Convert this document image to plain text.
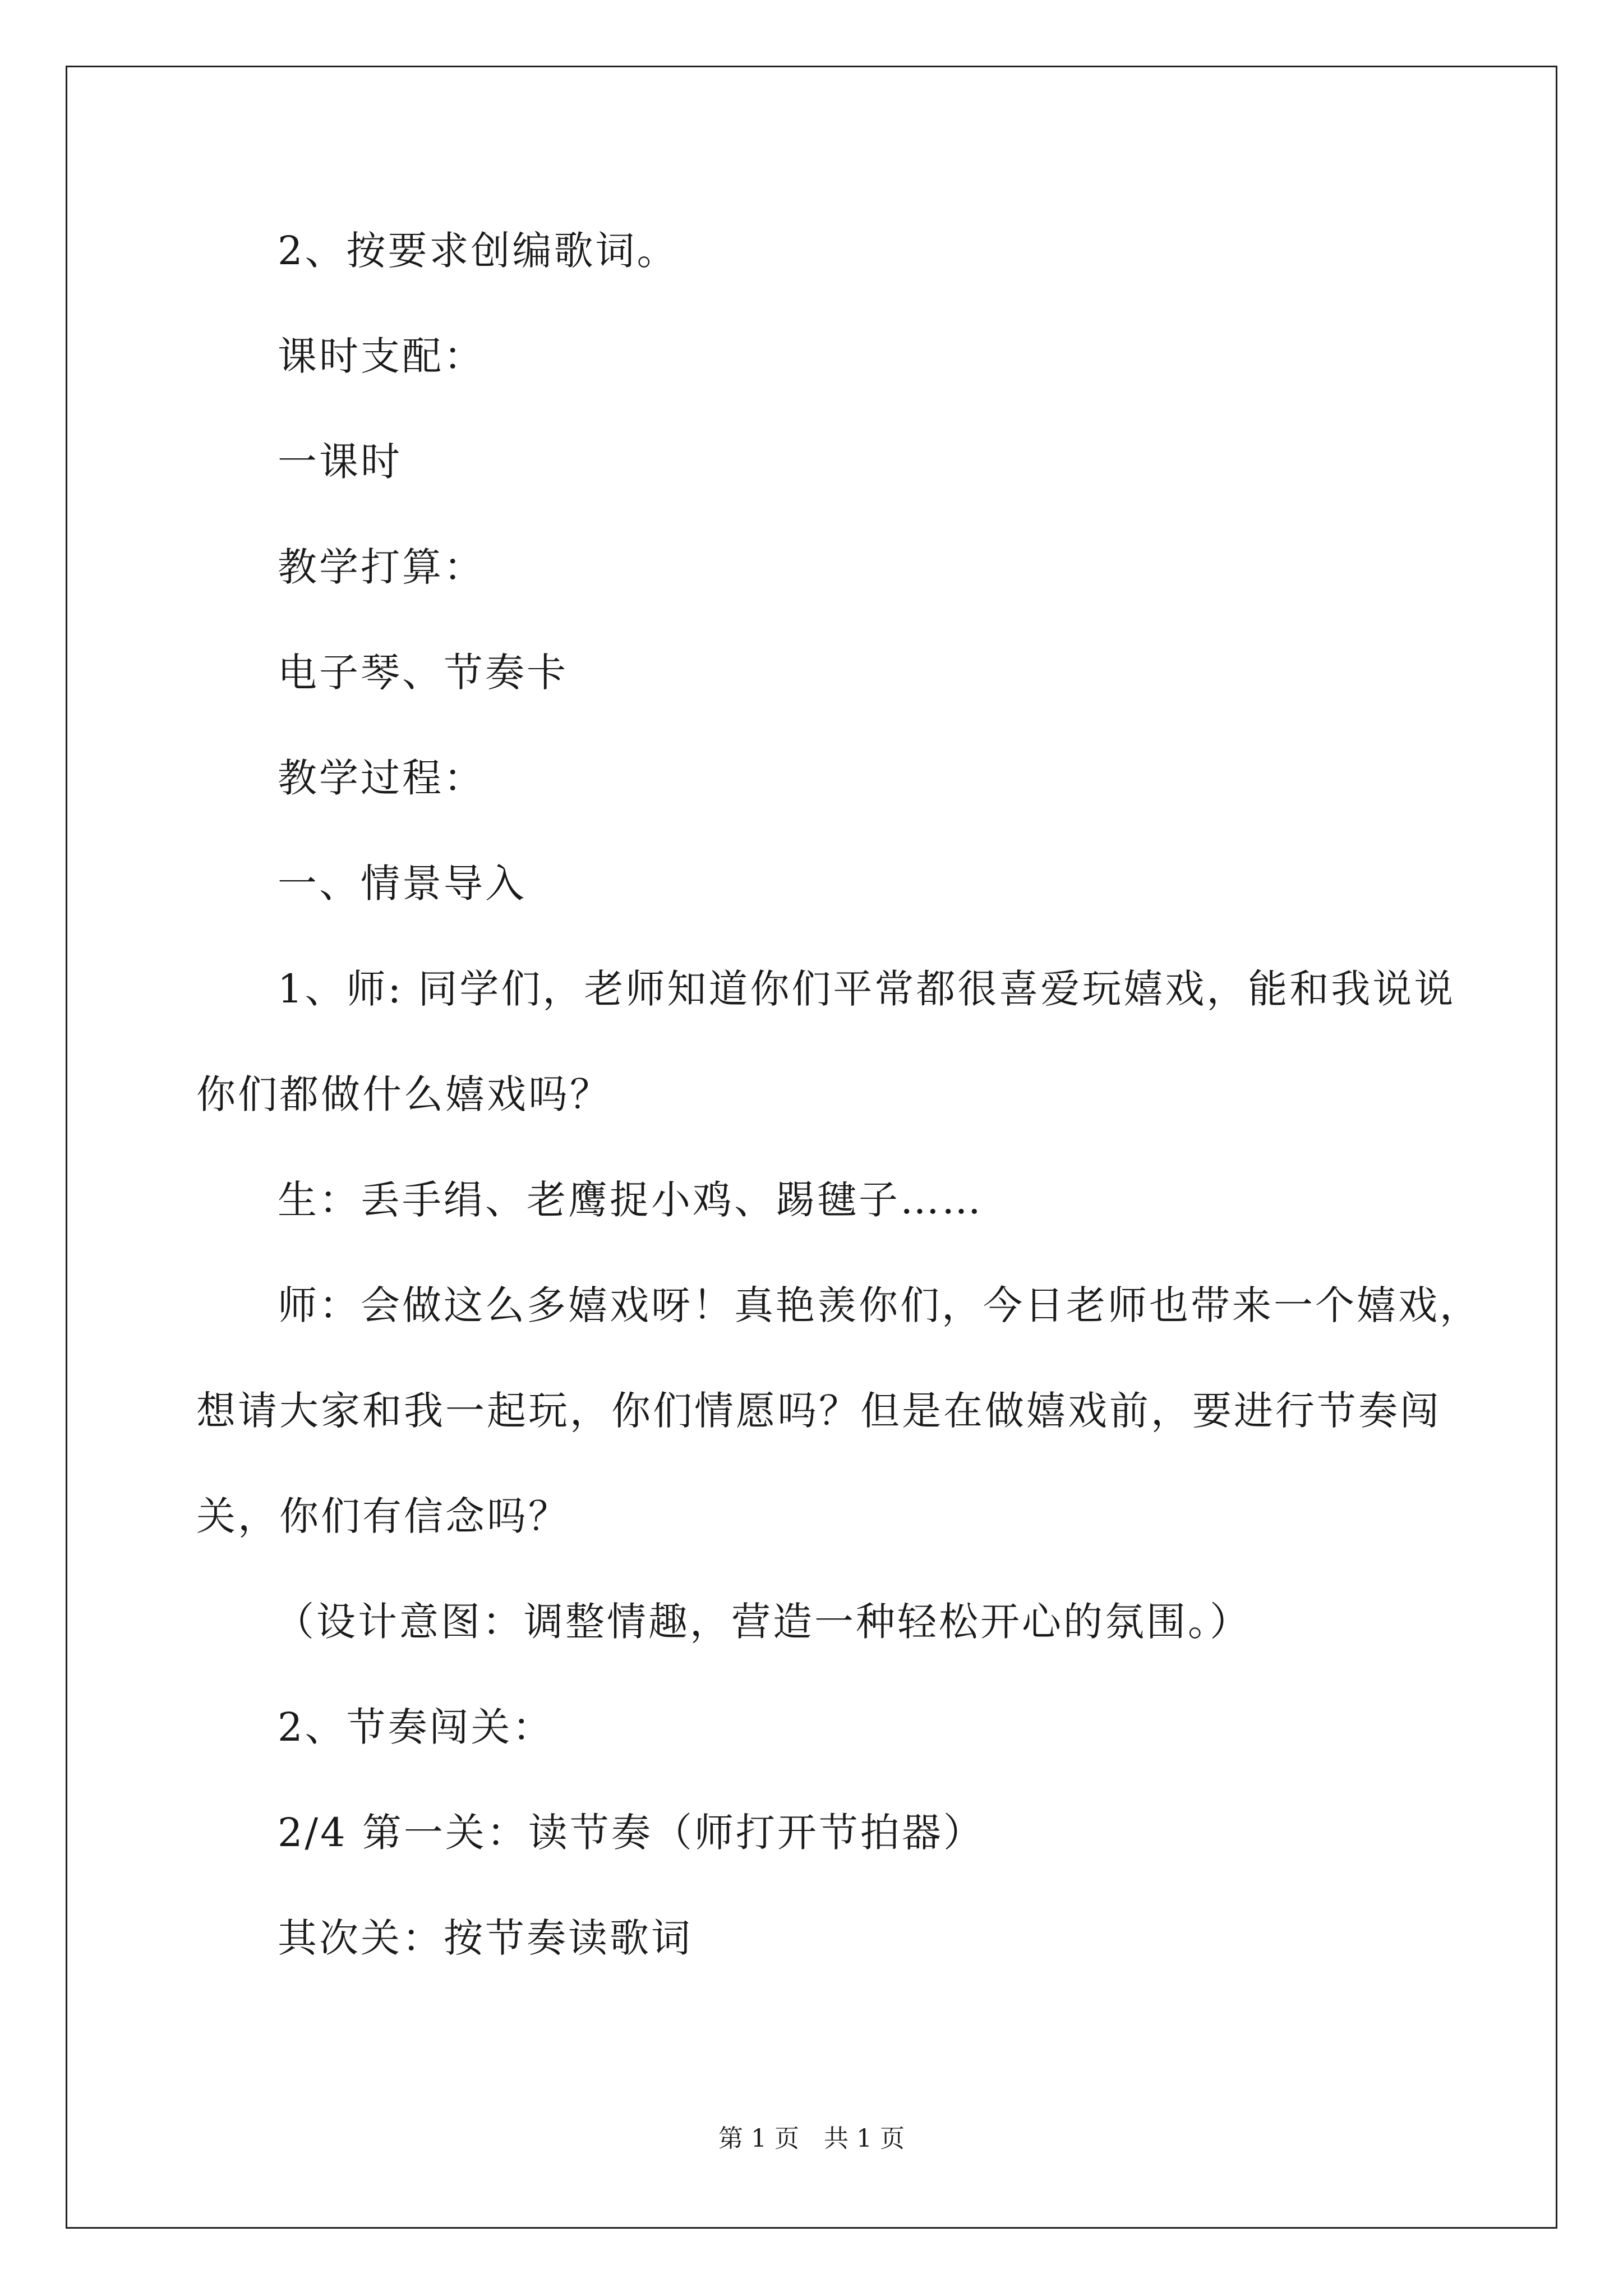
2、按要求创编歌词。
课时支配：
一课时
教学打算：
电子琴、节奏卡
教学过程：
一、情景导入
1、师: 同学们，老师知道你们平常都很喜爱玩嬉戏，能和我说说
你们都做什么嬉戏吗？
生：丢手绢、老鹰捉小鸡、踢毽子……
师：会做这么多嬉戏呀！真艳羡你们，今日老师也带来一个嬉戏，
想请大家和我一起玩，你们情愿吗？但是在做嬉戏前，要进行节奏闯
关，你们有信念吗？
（设计意图：调整情趣，营造一种轻松开心的氛围。）
2、节奏闯关：
2/4 第一关：读节奏（师打开节拍器）
其次关：按节奏读歌词
第 1 页　共 1 页
